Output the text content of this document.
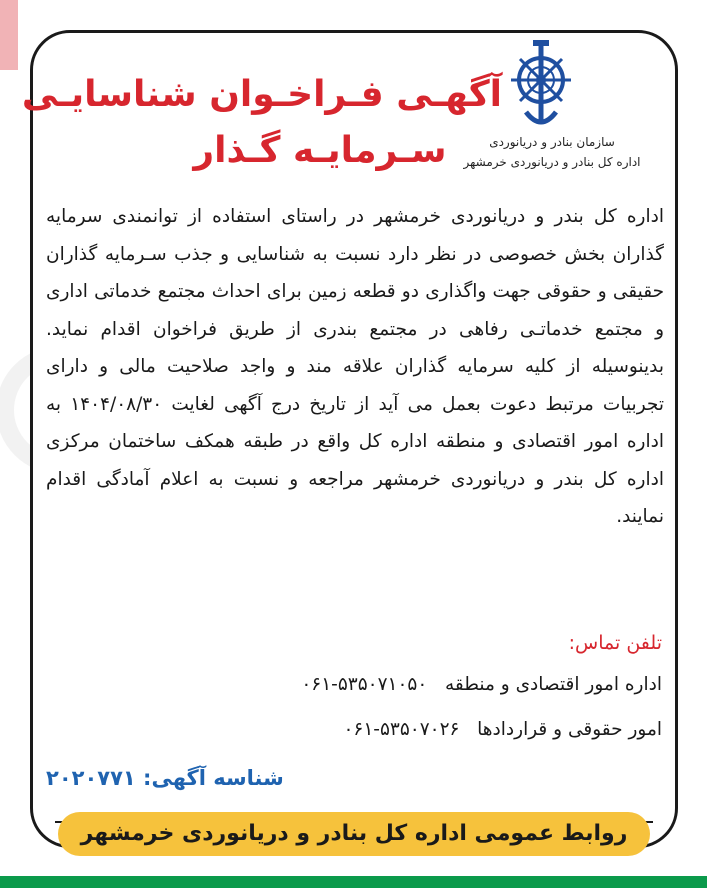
سازمان بنادر و دریانوردی
اداره کل بنادر و دریانوردی خرمشهر
آگهـی فـراخـوان شناسایـی
سـرمایـه گـذار
اداره کل بندر و دریانوردی خرمشهر در راستای استفاده از توانمندی سرمایه گذاران بخش خصوصی در نظر دارد نسبت به شناسایی و جذب سـرمایه گذاران حقیقی و حقوقی جهت واگذاری دو قطعه زمین برای احداث مجتمع خدماتی اداری و مجتمع خدماتـی رفاهی در مجتمع بندری از طریق فراخوان اقدام نماید. بدینوسیله از کلیه سرمایه گذاران علاقه مند و واجد صلاحیت مالی و دارای تجربیات مرتبط دعوت بعمل می آید از تاریخ درج آگهی لغایت ۱۴۰۴/۰۸/۳۰ به اداره امور اقتصادی و منطقه اداره کل واقع در طبقه همکف ساختمان مرکزی اداره کل بندر و دریانوردی خرمشهر مراجعه و نسبت به اعلام آمادگی اقدام نمایند.
تلفن تماس:
اداره امور اقتصادی و منطقه   ۰۶۱-۵۳۵۰۷۱۰۵۰
امور حقوقی و قراردادها   ۰۶۱-۵۳۵۰۷۰۲۶
شناسه آگهی: ۲۰۲۰۷۷۱
روابط عمومی اداره کل بنادر و دریانوردی خرمشهر
